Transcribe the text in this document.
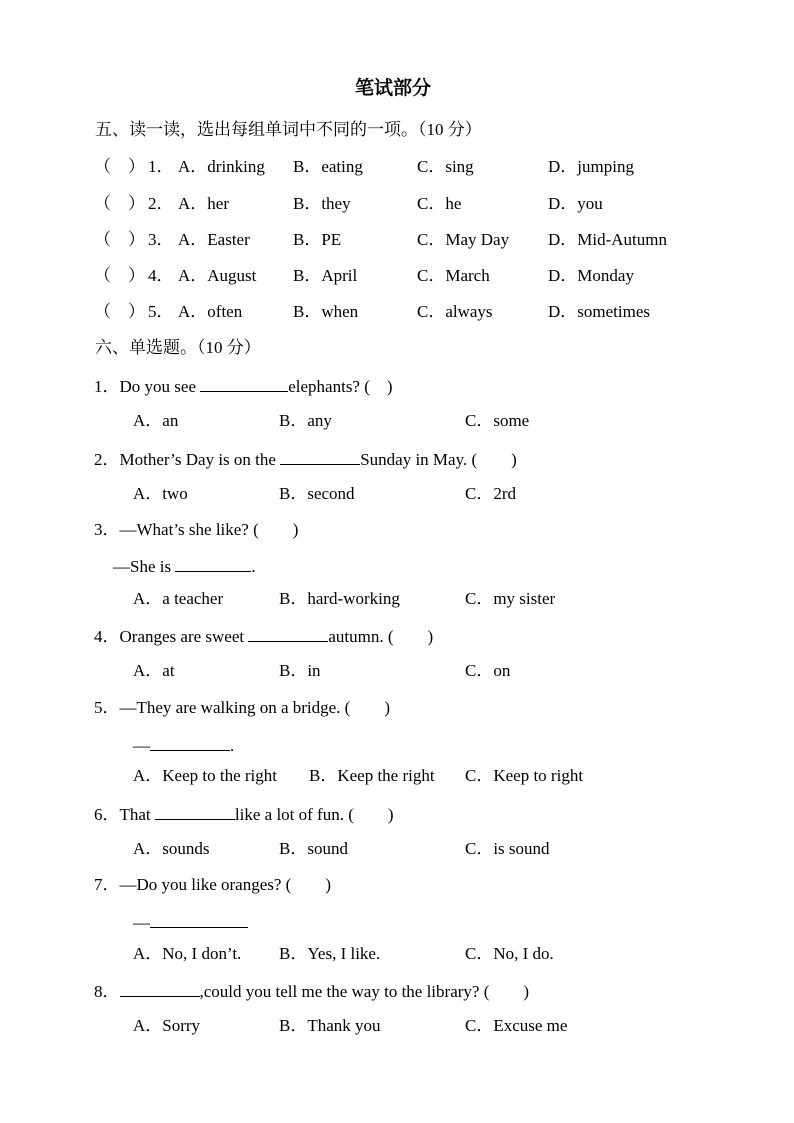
笔试部分
五、读一读，选出每组单词中不同的一项。（10 分）
（　） 1． A．drinking B．eating	C．sing	D．jumping
（　） 2． A．her	B．they	C．he	D．you
（　） 3． A．Easter	B．PE	C．May Day D．Mid-Autumn
（　） 4． A．August B．April	C．March	D．Monday
（　） 5． A．often	B．when	C．always	D．sometimes
六、单选题。（10 分）
1．Do you see	elephants? (　)
A．an	B．any	C．some
2．Mother’s Day is on the	Sunday in May. (　　)
A．two	B．second	C．2rd
3．—What’s she like? (　　)
—She is	.
A．a teacher	B．hard-working	C．my sister
4．Oranges are sweet	autumn. (　　)
A．at	B．in	C．on
5．—They are walking on a bridge. (　　)
—	.
A．Keep to the right B．Keep the right C．Keep to right
6．That	like a lot of fun. (　　)
A．sounds	B．sound	C．is sound
7．—Do you like oranges? (　　)
—
A．No, I don’t. B．Yes, I like.	C．No, I do.
8．	,could you tell me the way to the library? (　　)
A．Sorry	B．Thank you	C．Excuse me
